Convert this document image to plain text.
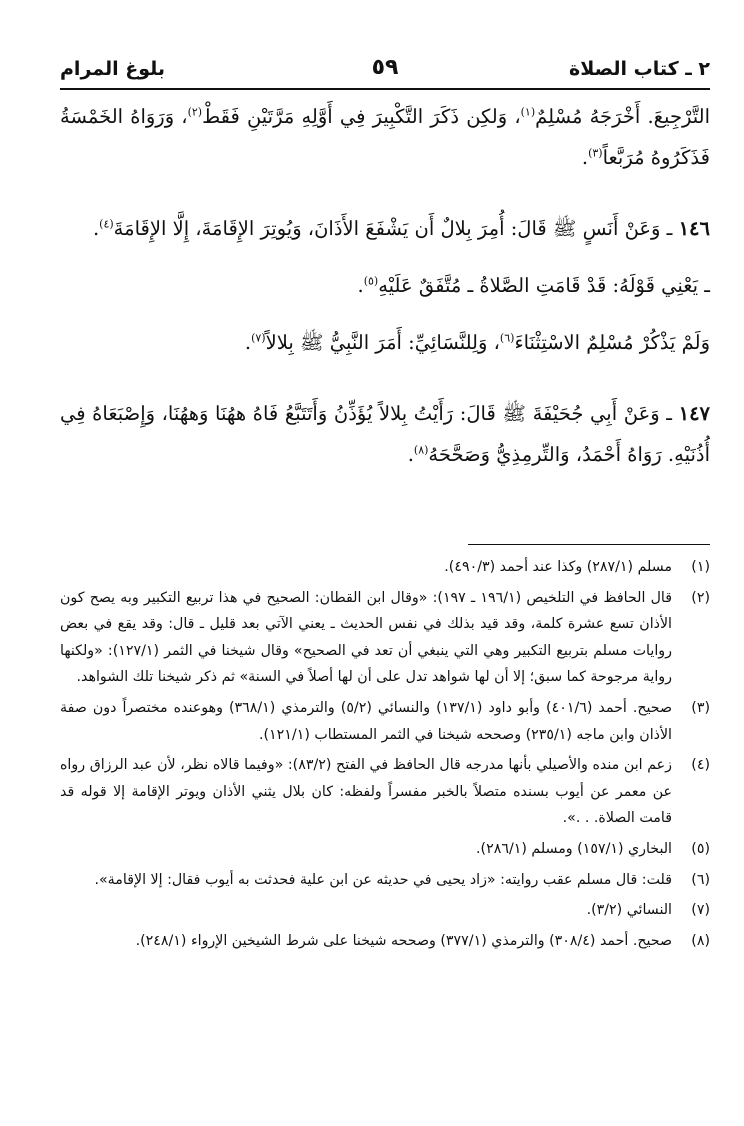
٢ ـ كتاب الصلاة
٥٩
بلوغ المرام

التَّرْجِيعَ. أَخْرَجَهُ مُسْلِمٌ$^{(١)}$، وَلكِن ذَكَرَ التَّكْبِيرَ فِي أَوَّلِهِ مَرَّتَيْنِ فَقَطْ$^{(٢)}$، وَرَوَاهُ الخَمْسَةُ فَذَكَرُوهُ مُرَبَّعاً$^{(٣)}$.

١٤٦ ـ وَعَنْ أَنَسٍ ﷺ قَالَ: أُمِرَ بِلالٌ أَن يَشْفَعَ الأَذَانَ، وَيُوتِرَ الإِقَامَةَ، إِلَّا الإِقَامَةَ$^{(٤)}$.

ـ يَعْنِي قَوْلَهُ: قَدْ قَامَتِ الصَّلاةُ ـ مُتَّفَقٌ عَلَيْهِ$^{(٥)}$.

وَلَمْ يَذْكُرْ مُسْلِمٌ الاسْتِثْنَاءَ$^{(٦)}$، وَلِلنَّسَائِيِّ: أَمَرَ النَّبِيُّ ﷺ بِلالاً$^{(٧)}$.

١٤٧ ـ وَعَنْ أَبِي جُحَيْفَةَ ﷺ قَالَ: رَأَيْتُ بِلالاً يُؤَذِّنُ وَأَتَتَبَّعُ فَاهُ ههُنَا وَههُنَا، وَإِصْبَعَاهُ فِي أُذُنَيْهِ. رَوَاهُ أَحْمَدُ، وَالتِّرمِذِيُّ وَصَحَّحَهُ$^{(٨)}$.

(١)
مسلم (٢٨٧/١) وكذا عند أحمد (٤٩٠/٣).
(٢)
قال الحافظ في التلخيص (١٩٦/١ ـ ١٩٧): «وقال ابن القطان: الصحيح في هذا تربيع التكبير وبه يصح كون الأذان تسع عشرة كلمة، وقد قيد بذلك في نفس الحديث ـ يعني الآتي بعد قليل ـ قال: وقد يقع في بعض روايات مسلم بتربيع التكبير وهي التي ينبغي أن تعد في الصحيح» وقال شيخنا في الثمر (١٢٧/١): «ولكنها رواية مرجوحة كما سبق؛ إلا أن لها شواهد تدل على أن لها أصلاً في السنة» ثم ذكر شيخنا تلك الشواهد.
(٣)
صحيح. أحمد (٤٠١/٦) وأبو داود (١٣٧/١) والنسائي (٥/٢) والترمذي (٣٦٨/١) وهوعنده مختصراً دون صفة الأذان وابن ماجه (٢٣٥/١) وصححه شيخنا في الثمر المستطاب (١٢١/١).
(٤)
زعم ابن منده والأصيلي بأنها مدرجه قال الحافظ في الفتح (٨٣/٢): «وفيما قالاه نظر، لأن عبد الرزاق رواه عن معمر عن أيوب بسنده متصلاً بالخبر مفسراً ولفظه: كان بلال يثني الأذان ويوتر الإقامة إلا قوله قد قامت الصلاة. . .».
(٥)
البخاري (١٥٧/١) ومسلم (٢٨٦/١).
(٦)
قلت: قال مسلم عقب روايته: «زاد يحيى في حديثه عن ابن علية فحدثت به أيوب فقال: إلا الإقامة».
(٧)
النسائي (٣/٢).
(٨)
صحيح. أحمد (٣٠٨/٤) والترمذي (٣٧٧/١) وصححه شيخنا على شرط الشيخين الإرواء (٢٤٨/١).
